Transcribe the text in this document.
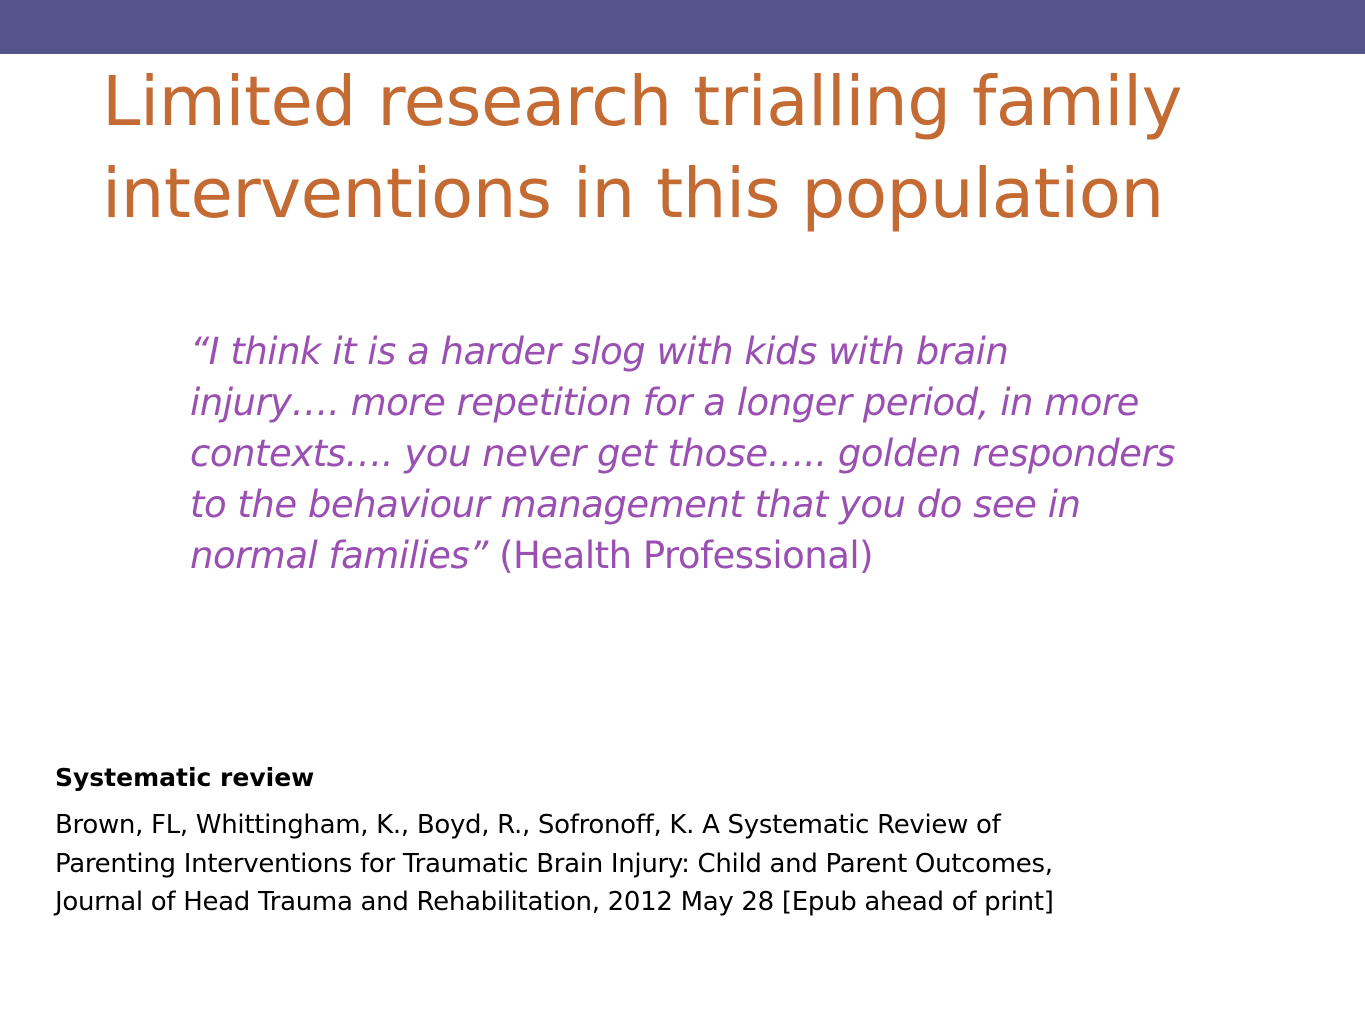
Limited research trialling family
interventions in this population

“I think it is a harder slog with kids with brain
injury…. more repetition for a longer period, in more
contexts…. you never get those….. golden responders
to the behaviour management that you do see in
normal families” (Health Professional)

Systematic review

Brown, FL, Whittingham, K., Boyd, R., Sofronoff, K. A Systematic Review of
Parenting Interventions for Traumatic Brain Injury: Child and Parent Outcomes,
Journal of Head Trauma and Rehabilitation, 2012 May 28 [Epub ahead of print]
